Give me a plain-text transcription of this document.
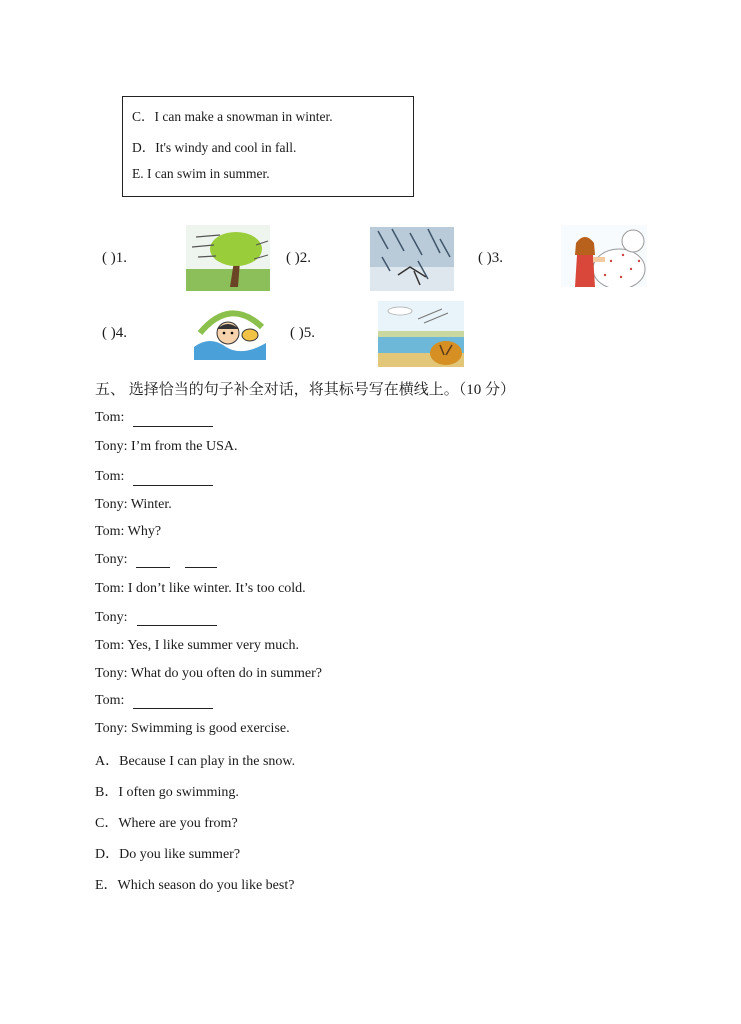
C．I can make a snowman in winter.
D．It's windy and cool in fall.
E. I can swim in summer.
( )1.	( )2.	( )3.
( )4.	( )5.
五、 选择恰当的句子补全对话，将其标号写在横线上。（10 分）
Tom:
Tony: I’m from the USA.
Tom:
Tony: Winter.
Tom: Why?
Tony:
Tom: I don’t like winter. It’s too cold.
Tony:
Tom: Yes, I like summer very much.
Tony: What do you often do in summer?
Tom:
Tony: Swimming is good exercise.
A．Because I can play in the snow.
B．I often go swimming.
C．Where are you from?
D．Do you like summer?
E．Which season do you like best?
